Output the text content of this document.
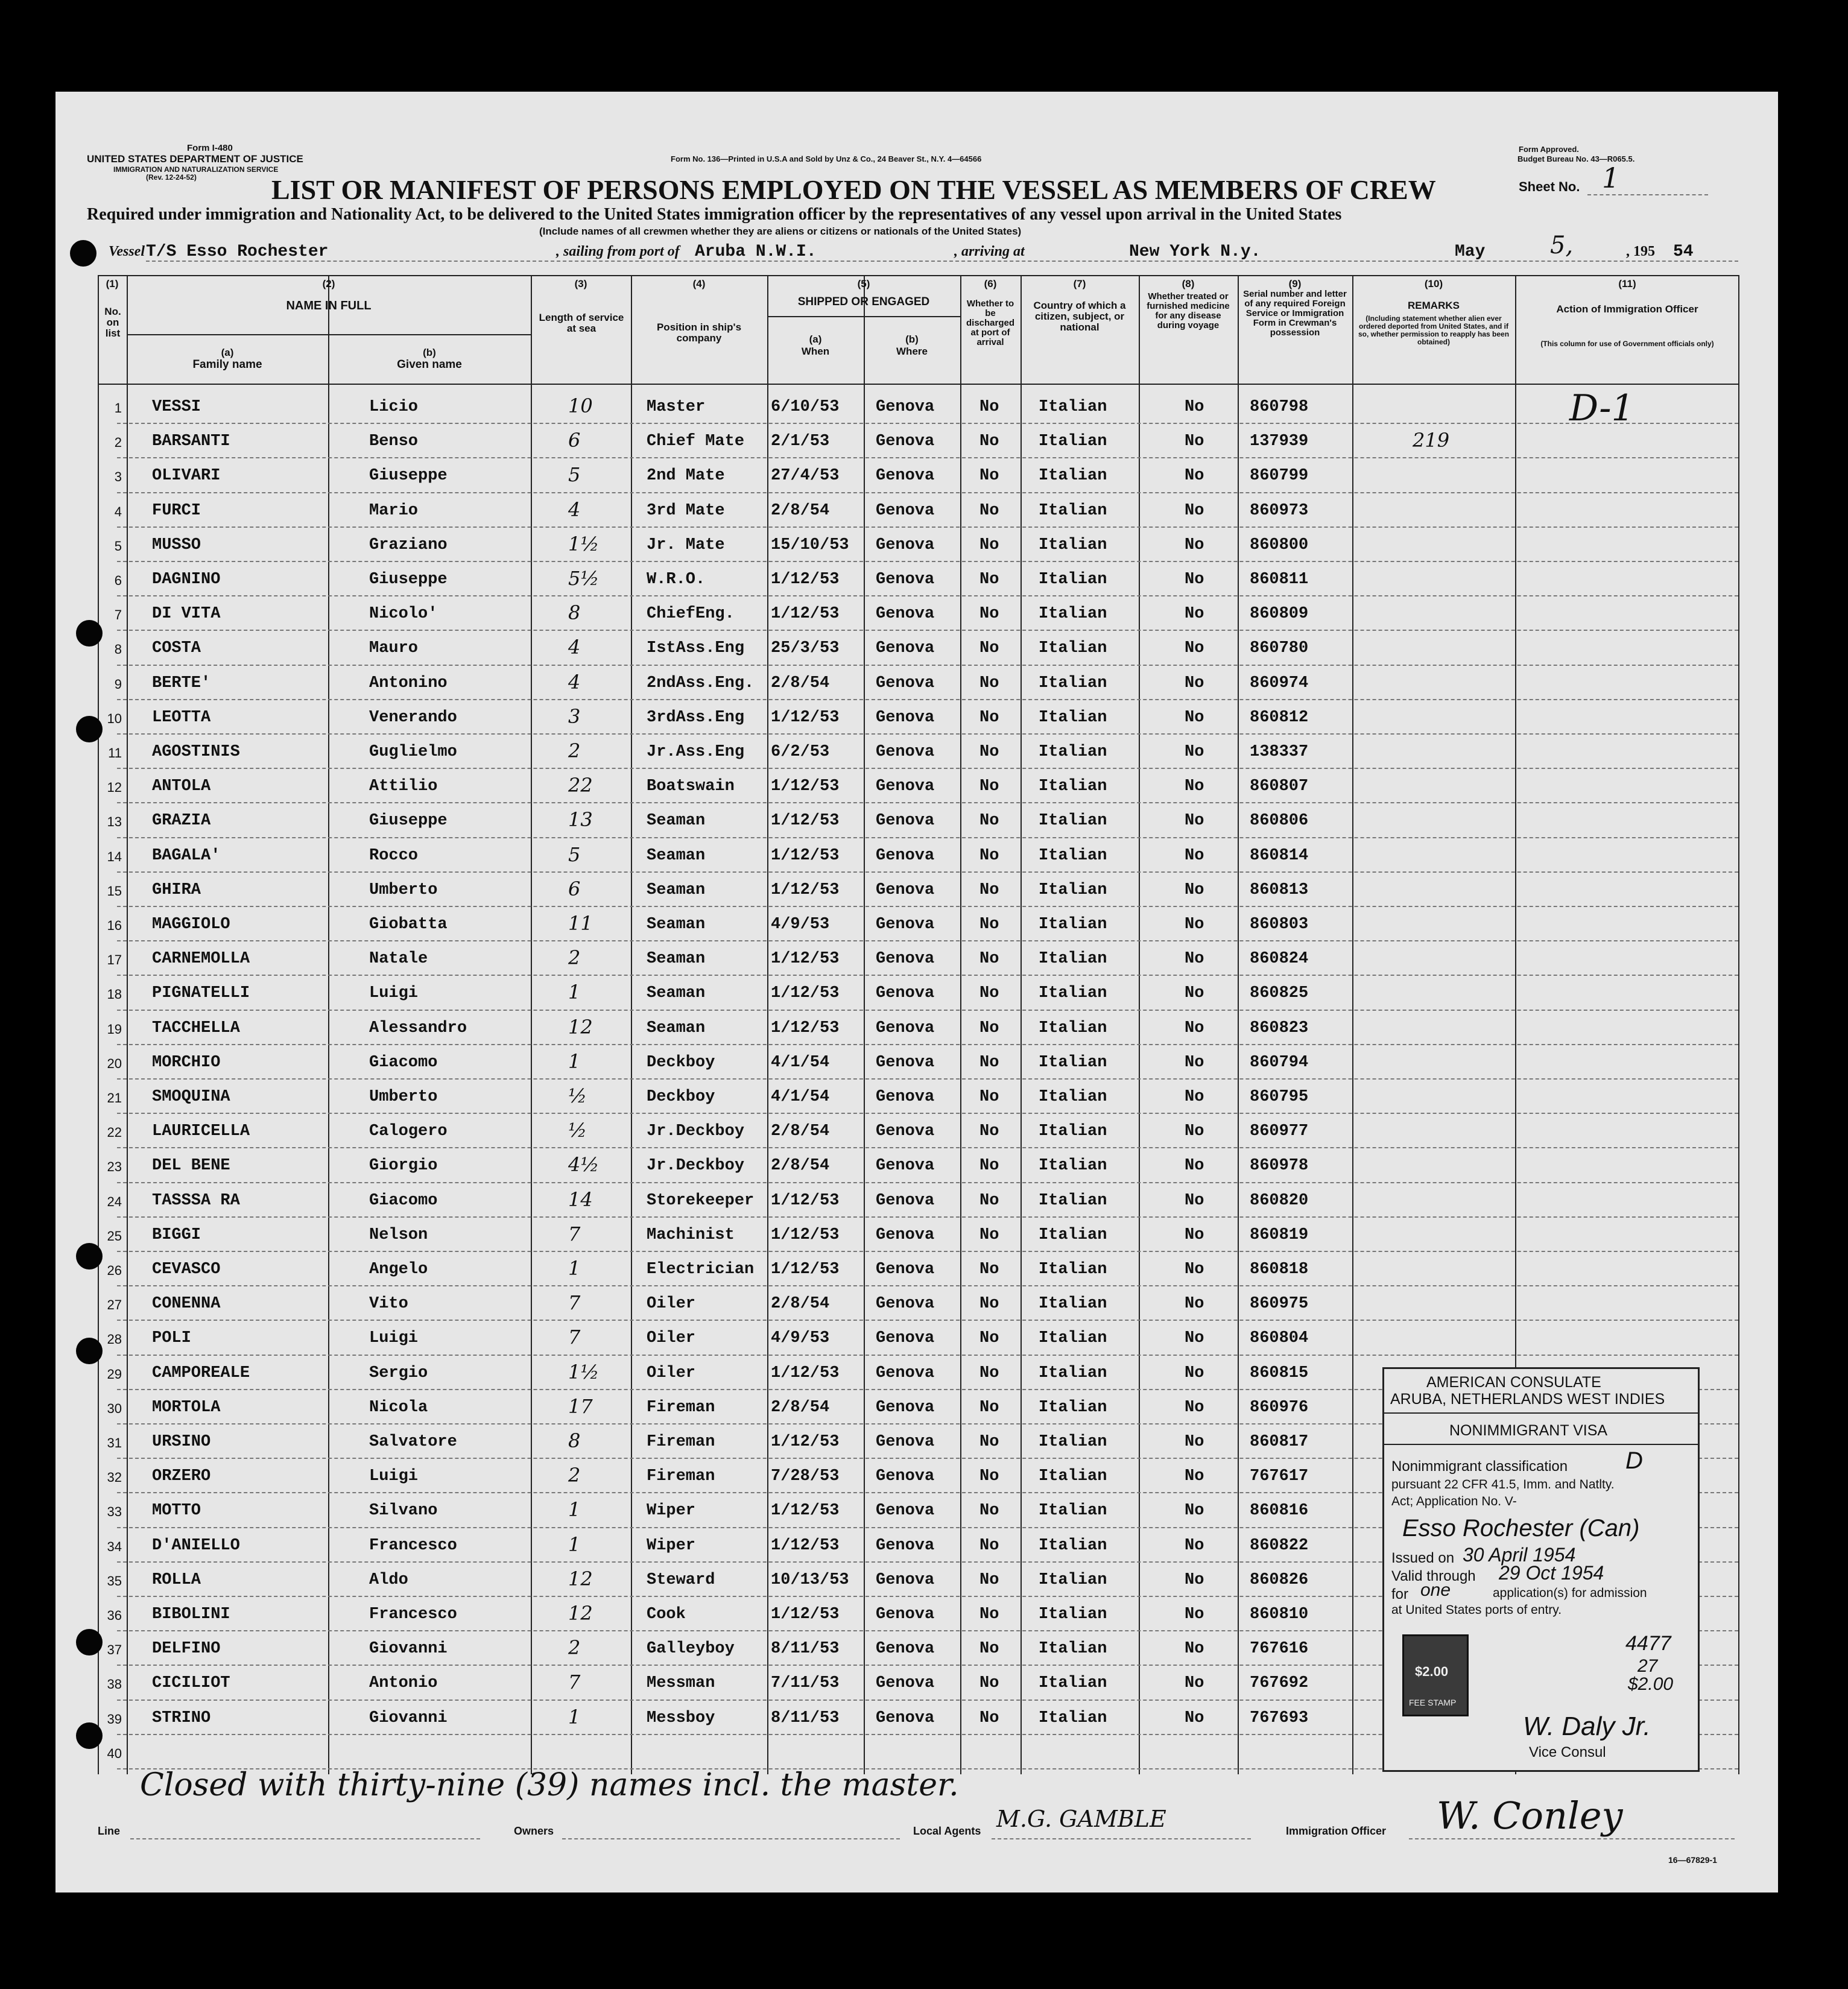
Form I-480
UNITED STATES DEPARTMENT OF JUSTICE
IMMIGRATION AND NATURALIZATION SERVICE
(Rev. 12-24-52)
Form No. 136—Printed in U.S.A and Sold by Unz & Co., 24 Beaver St., N.Y. 4—64566
Form Approved.
Budget Bureau No. 43—R065.5.
Sheet No. 1
LIST OR MANIFEST OF PERSONS EMPLOYED ON THE VESSEL AS MEMBERS OF CREW
Required under immigration and Nationality Act, to be delivered to the United States immigration officer by the representatives of any vessel upon arrival in the United States
(Include names of all crewmen whether they are aliens or citizens or nationals of the United States)
Vessel T/S Esso Rochester	, sailing from port of Aruba N.W.I.	, arriving at	New York N.y.	May	5,	, 195 54
(1)
No. on list
(2)
NAME IN FULL
(a)
Family name
(b)
Given name
(3)
Length of service at sea
(4)
Position in ship's company
(5)
SHIPPED OR ENGAGED
(a)
When
(b)
Where
(6)
Whether to be discharged at port of arrival
(7)
Country of which a citizen, subject, or national
(8)
Whether treated or furnished medicine for any disease during voyage
(9)
Serial number and letter of any required Foreign Service or Immigration Form in Crewman's possession
(10)
REMARKS
(Including statement whether alien ever ordered deported from United States, and if so, whether permission to reapply has been obtained)
(11)
Action of Immigration Officer
(This column for use of Government officials only)
1 VESSI	Licio	10	Master	6/10/53 Genova	No Italian	No	860798
2 BARSANTI	Benso	6	Chief Mate 2/1/53	Genova	No Italian	No	137939	219
3 OLIVARI	Giuseppe	5	2nd Mate	27/4/53 Genova	No Italian	No	860799
4 FURCI	Mario	4	3rd Mate	2/8/54	Genova	No Italian	No	860973
5 MUSSO	Graziano	1½	Jr. Mate	15/10/53 Genova	No Italian	No	860800
6 DAGNINO	Giuseppe	5½	W.R.O.	1/12/53 Genova	No Italian	No	860811
7 DI VITA	Nicolo'	8	ChiefEng. 1/12/53 Genova	No Italian	No	860809
8 COSTA	Mauro	4	IstAss.Eng 25/3/53 Genova	No Italian	No	860780
9 BERTE'	Antonino	4	2ndAss.Eng. 2/8/54	Genova	No Italian	No	860974
10 LEOTTA	Venerando	3	3rdAss.Eng 1/12/53 Genova	No Italian	No	860812
11 AGOSTINIS	Guglielmo	2	Jr.Ass.Eng 6/2/53	Genova	No Italian	No	138337
12 ANTOLA	Attilio	22	Boatswain 1/12/53 Genova	No Italian	No	860807
13 GRAZIA	Giuseppe	13	Seaman	1/12/53 Genova	No Italian	No	860806
14 BAGALA'	Rocco	5	Seaman	1/12/53 Genova	No Italian	No	860814
15 GHIRA	Umberto	6	Seaman	1/12/53 Genova	No Italian	No	860813
16 MAGGIOLO	Giobatta	11	Seaman	4/9/53	Genova	No Italian	No	860803
17 CARNEMOLLA	Natale	2	Seaman	1/12/53 Genova	No Italian	No	860824
18 PIGNATELLI	Luigi	1	Seaman	1/12/53 Genova	No Italian	No	860825
19 TACCHELLA	Alessandro	12	Seaman	1/12/53 Genova	No Italian	No	860823
20 MORCHIO	Giacomo	1	Deckboy	4/1/54	Genova	No Italian	No	860794
21 SMOQUINA	Umberto	½	Deckboy	4/1/54	Genova	No Italian	No	860795
22 LAURICELLA	Calogero	½	Jr.Deckboy 2/8/54	Genova	No Italian	No	860977
23 DEL BENE	Giorgio	4½	Jr.Deckboy 2/8/54	Genova	No Italian	No	860978
24 TASSSA RA	Giacomo	14	Storekeeper 1/12/53 Genova	No Italian	No	860820
25 BIGGI	Nelson	7	Machinist 1/12/53 Genova	No Italian	No	860819
26 CEVASCO	Angelo	1	Electrician 1/12/53 Genova	No Italian	No	860818
27 CONENNA	Vito	7	Oiler	2/8/54	Genova	No Italian	No	860975
28 POLI	Luigi	7	Oiler	4/9/53	Genova	No Italian	No	860804
29 CAMPOREALE	Sergio	1½	Oiler	1/12/53 Genova	No Italian	No	860815
30 MORTOLA	Nicola	17	Fireman	2/8/54	Genova	No Italian	No	860976
31 URSINO	Salvatore	8	Fireman	1/12/53 Genova	No Italian	No	860817
32 ORZERO	Luigi	2	Fireman	7/28/53 Genova	No Italian	No	767617
33 MOTTO	Silvano	1	Wiper	1/12/53 Genova	No Italian	No	860816
34 D'ANIELLO	Francesco	1	Wiper	1/12/53 Genova	No Italian	No	860822
35 ROLLA	Aldo	12	Steward	10/13/53 Genova	No Italian	No	860826
36 BIBOLINI	Francesco	12	Cook	1/12/53 Genova	No Italian	No	860810
37 DELFINO	Giovanni	2	Galleyboy 8/11/53 Genova	No Italian	No	767616
38 CICILIOT	Antonio	7	Messman	7/11/53 Genova	No Italian	No	767692
39 STRINO	Giovanni	1	Messboy	8/11/53 Genova	No Italian	No	767693
40
Closed with thirty-nine (39) names incl. the master.
D-1
Line	Owners	Local Agents M.G. GAMBLE	Immigration Officer W. Conley
16—67829-1
AMERICAN CONSULATE
ARUBA, NETHERLANDS WEST INDIES
NONIMMIGRANT VISA
Nonimmigrant classification D
pursuant 22 CFR 41.5, Imm. and Natlty.
Act; Application No. V-
Esso Rochester (Can)
Issued on 30 April 1954
Valid through 29 Oct 1954
for one	application(s) for admission
at United States ports of entry.
$2.00
FEE STAMP
4477
27
$2.00
W. Daly Jr.
Vice Consul
